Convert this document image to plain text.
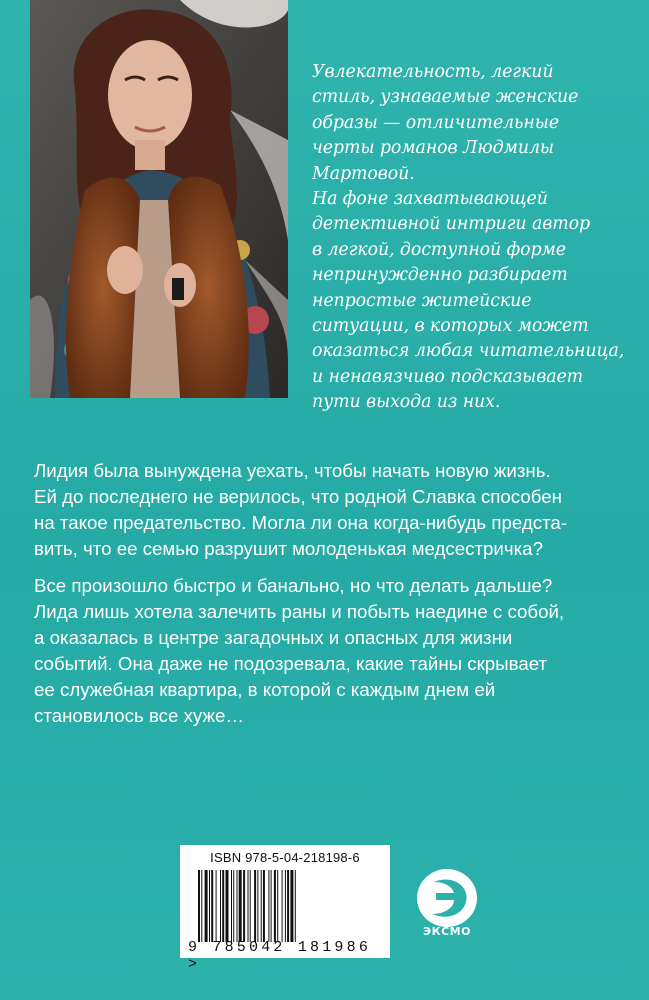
Увлекательность, легкий
стиль, узнаваемые женские
образы — отличительные
черты романов Людмилы
Мартовой.

На фоне захватывающей
детективной интриги автор
в легкой, доступной форме
непринужденно разбирает
непростые житейские
ситуации, в которых может
оказаться любая читательница,
и ненавязчиво подсказывает
пути выхода из них.

Лидия была вынуждена уехать, чтобы начать новую жизнь.
Ей до последнего не верилось, что родной Славка способен
на такое предательство. Могла ли она когда-нибудь предста-
вить, что ее семью разрушит молоденькая медсестричка?

Все произошло быстро и банально, но что делать дальше?
Лида лишь хотела залечить раны и побыть наедине с собой,
а оказалась в центре загадочных и опасных для жизни
событий. Она даже не подозревала, какие тайны скрывает
ее служебная квартира, в которой с каждым днем ей
становилось все хуже…

ISBN 978-5-04-218198-6
9 785042 181986 >
ЭКСМО
